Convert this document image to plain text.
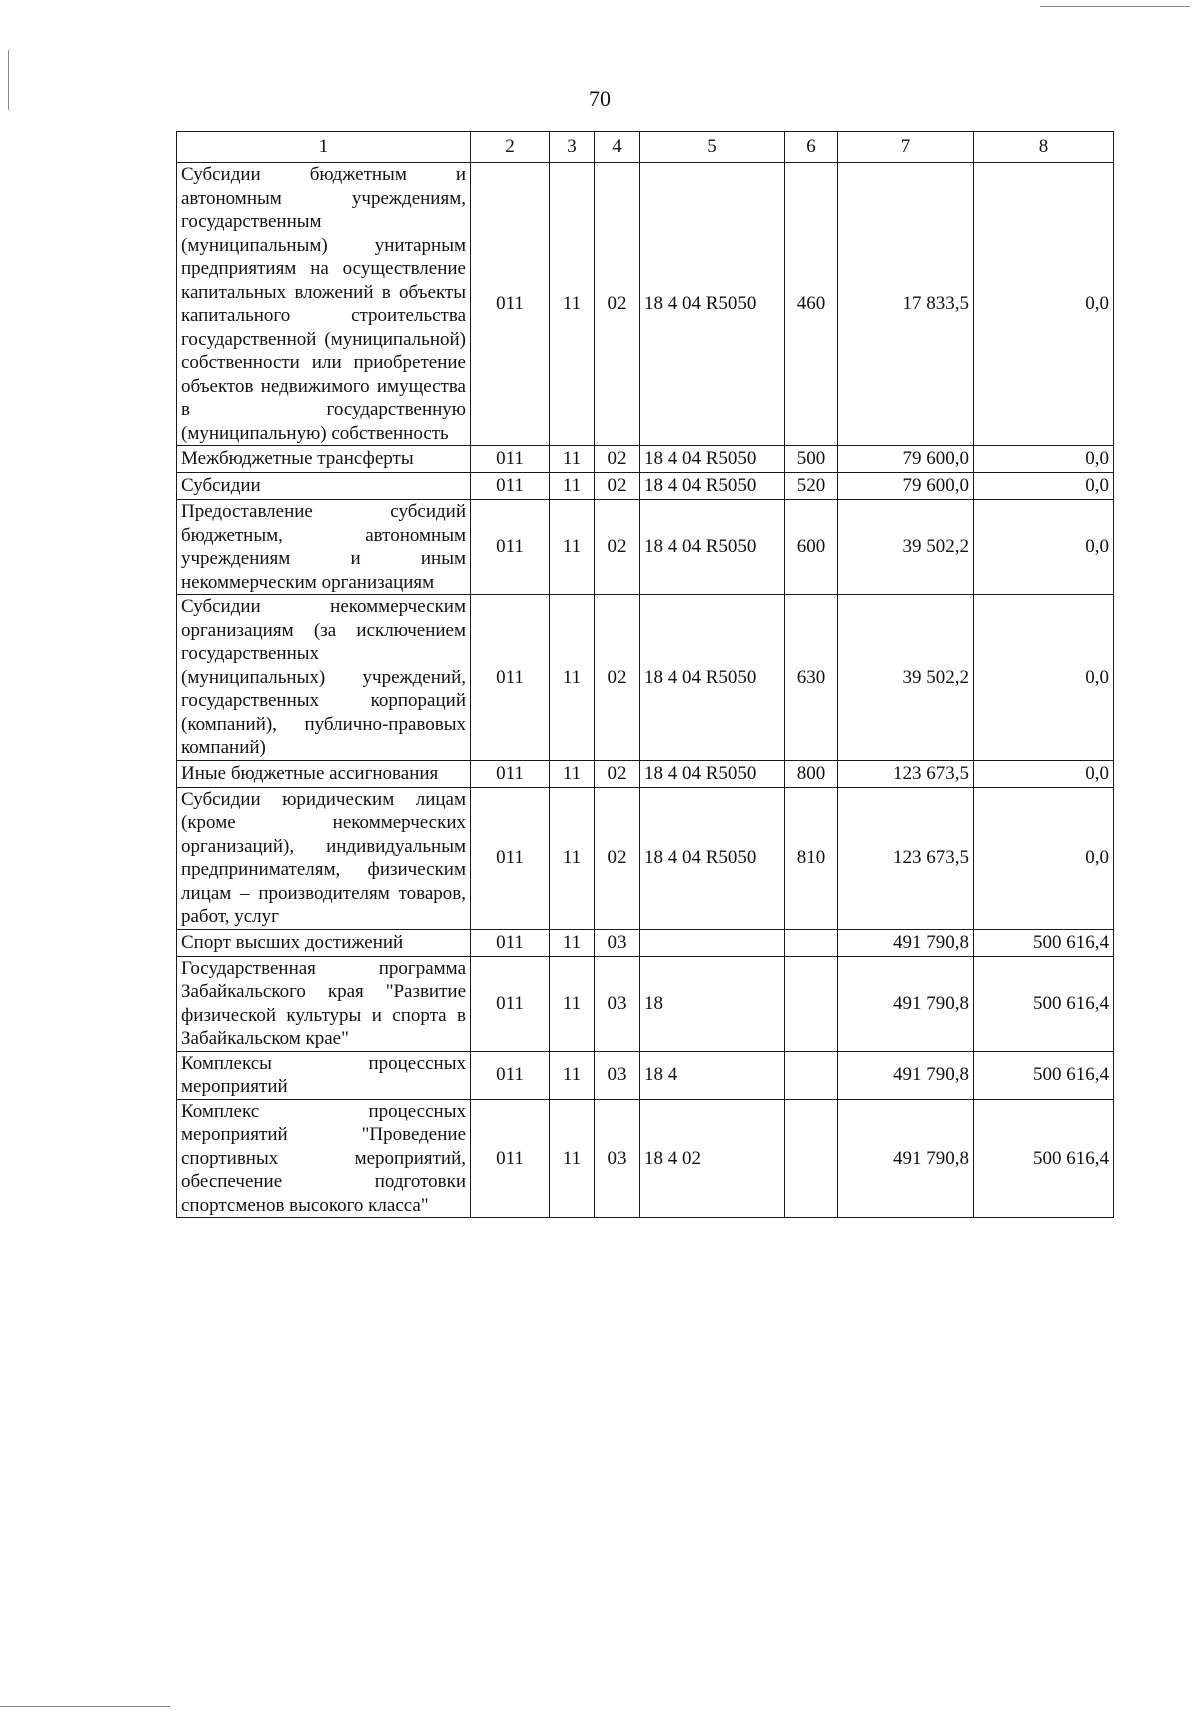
70
1	2	3	4	5	6	7	8
Субсидии бюджетным и автономным учреждениям, государственным (муниципальным) унитарным предприятиям на осуществление капитальных вложений в объекты капитального строительства государственной (муниципальной) собственности или приобретение объектов недвижимого имущества в государственную (муниципальную) собственность	011	11	02	18 4 04 R5050	460	17 833,5	0,0
Межбюджетные трансферты	011	11	02	18 4 04 R5050	500	79 600,0	0,0
Субсидии	011	11	02	18 4 04 R5050	520	79 600,0	0,0
Предоставление субсидий бюджетным, автономным учреждениям и иным некоммерческим организациям	011	11	02	18 4 04 R5050	600	39 502,2	0,0
Субсидии некоммерческим организациям (за исключением государственных (муниципальных) учреждений, государственных корпораций (компаний), публично-правовых компаний)	011	11	02	18 4 04 R5050	630	39 502,2	0,0
Иные бюджетные ассигнования	011	11	02	18 4 04 R5050	800	123 673,5	0,0
Субсидии юридическим лицам (кроме некоммерческих организаций), индивидуальным предпринимателям, физическим лицам – производителям товаров, работ, услуг	011	11	02	18 4 04 R5050	810	123 673,5	0,0
Спорт высших достижений	011	11	03			491 790,8	500 616,4
Государственная программа Забайкальского края "Развитие физической культуры и спорта в Забайкальском крае"	011	11	03	18		491 790,8	500 616,4
Комплексы процессных мероприятий	011	11	03	18 4		491 790,8	500 616,4
Комплекс процессных мероприятий "Проведение спортивных мероприятий, обеспечение подготовки спортсменов высокого класса"	011	11	03	18 4 02		491 790,8	500 616,4
